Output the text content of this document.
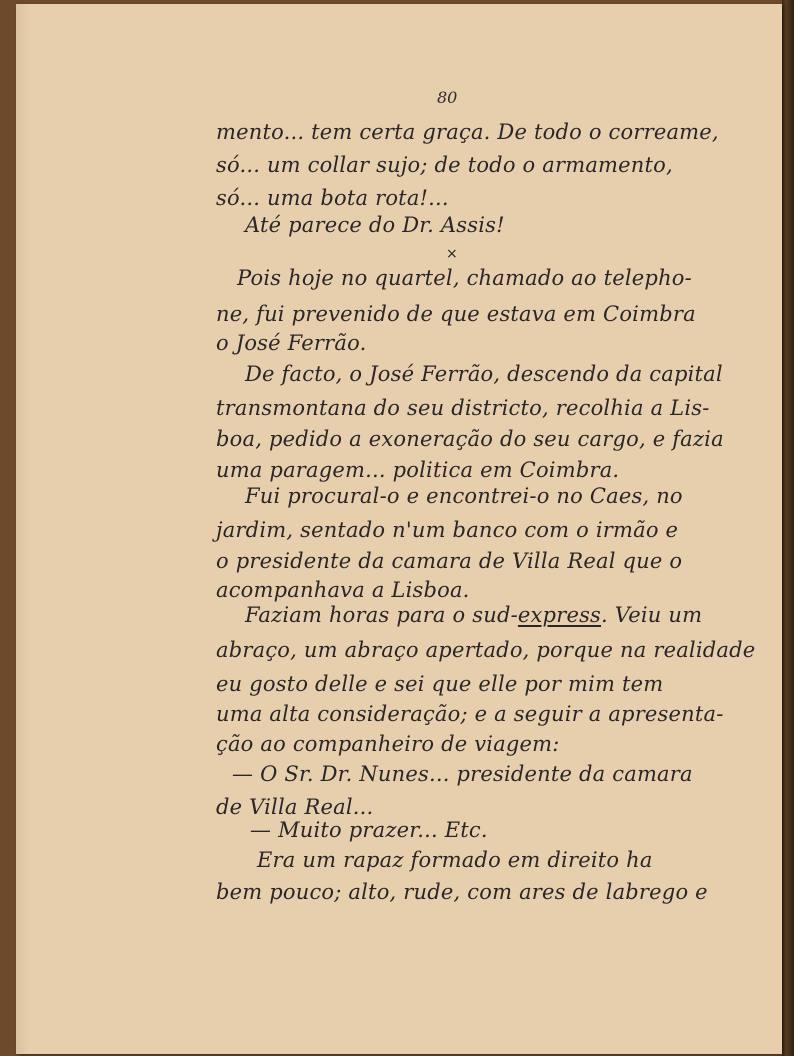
80
mento... tem certa graça. De todo o correame,
só... um collar sujo; de todo o armamento,
só... uma bota rota!...
Até parece do Dr. Assis!
×
Pois hoje no quartel, chamado ao telepho-
ne, fui prevenido de que estava em Coimbra
o José Ferrão.
De facto, o José Ferrão, descendo da capital
transmontana do seu districto, recolhia a Lis-
boa, pedido a exoneração do seu cargo, e fazia
uma paragem... politica em Coimbra.
Fui procural-o e encontrei-o no Caes, no
jardim, sentado n'um banco com o irmão e
o presidente da camara de Villa Real que o
acompanhava a Lisboa.
Faziam horas para o sud-express. Veiu um
abraço, um abraço apertado, porque na realidade
eu gosto delle e sei que elle por mim tem
uma alta consideração; e a seguir a apresenta-
ção ao companheiro de viagem:
— O Sr. Dr. Nunes... presidente da camara
de Villa Real...
— Muito prazer... Etc.
Era um rapaz formado em direito ha
bem pouco; alto, rude, com ares de labrego e
